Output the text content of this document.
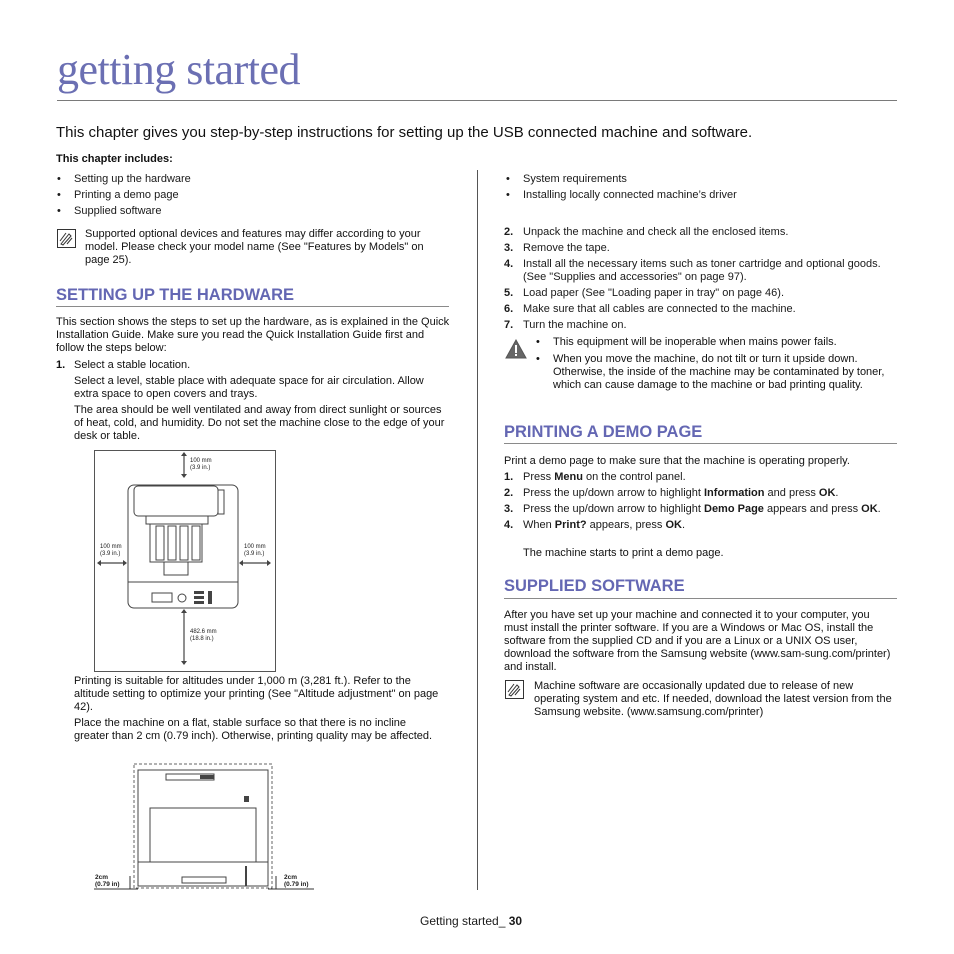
getting started
This chapter gives you step-by-step instructions for setting up the USB connected machine and software.
This chapter includes:
• Setting up the hardware
• Printing a demo page
• Supplied software
• System requirements
• Installing locally connected machine’s driver
Supported optional devices and features may differ according to your model. Please check your model name (See "Features by Models" on page 25).
SETTING UP THE HARDWARE
This section shows the steps to set up the hardware, as is explained in the Quick Installation Guide. Make sure you read the Quick Installation Guide first and follow the steps below:
1. Select a stable location.
Select a level, stable place with adequate space for air circulation. Allow extra space to open covers and trays.
The area should be well ventilated and away from direct sunlight or sources of heat, cold, and humidity. Do not set the machine close to the edge of your desk or table.
100 mm
(3.9 in.)
100 mm
(3.9 in.)
100 mm
(3.9 in.)
482.6 mm
(18.8 in.)
Printing is suitable for altitudes under 1,000 m (3,281 ft.). Refer to the altitude setting to optimize your printing (See "Altitude adjustment" on page 42).
Place the machine on a flat, stable surface so that there is no incline greater than 2 cm (0.79 inch). Otherwise, printing quality may be affected.
2cm
(0.79 in)
2cm
(0.79 in)
2. Unpack the machine and check all the enclosed items.
3. Remove the tape.
4. Install all the necessary items such as toner cartridge and optional goods. (See "Supplies and accessories" on page 97).
5. Load paper (See "Loading paper in tray" on page 46).
6. Make sure that all cables are connected to the machine.
7. Turn the machine on.
• This equipment will be inoperable when mains power fails.
• When you move the machine, do not tilt or turn it upside down. Otherwise, the inside of the machine may be contaminated by toner, which can cause damage to the machine or bad printing quality.
PRINTING A DEMO PAGE
Print a demo page to make sure that the machine is operating properly.
1. Press Menu on the control panel.
2. Press the up/down arrow to highlight Information and press OK.
3. Press the up/down arrow to highlight Demo Page appears and press OK.
4. When Print? appears, press OK.
The machine starts to print a demo page.
SUPPLIED SOFTWARE
After you have set up your machine and connected it to your computer, you must install the printer software. If you are a Windows or Mac OS, install the software from the supplied CD and if you are a Linux or a UNIX OS user, download the software from the Samsung website (www.sam-sung.com/printer) and install.
Machine software are occasionally updated due to release of new operating system and etc. If needed, download the latest version from the Samsung website. (www.samsung.com/printer)
Getting started_ 30
